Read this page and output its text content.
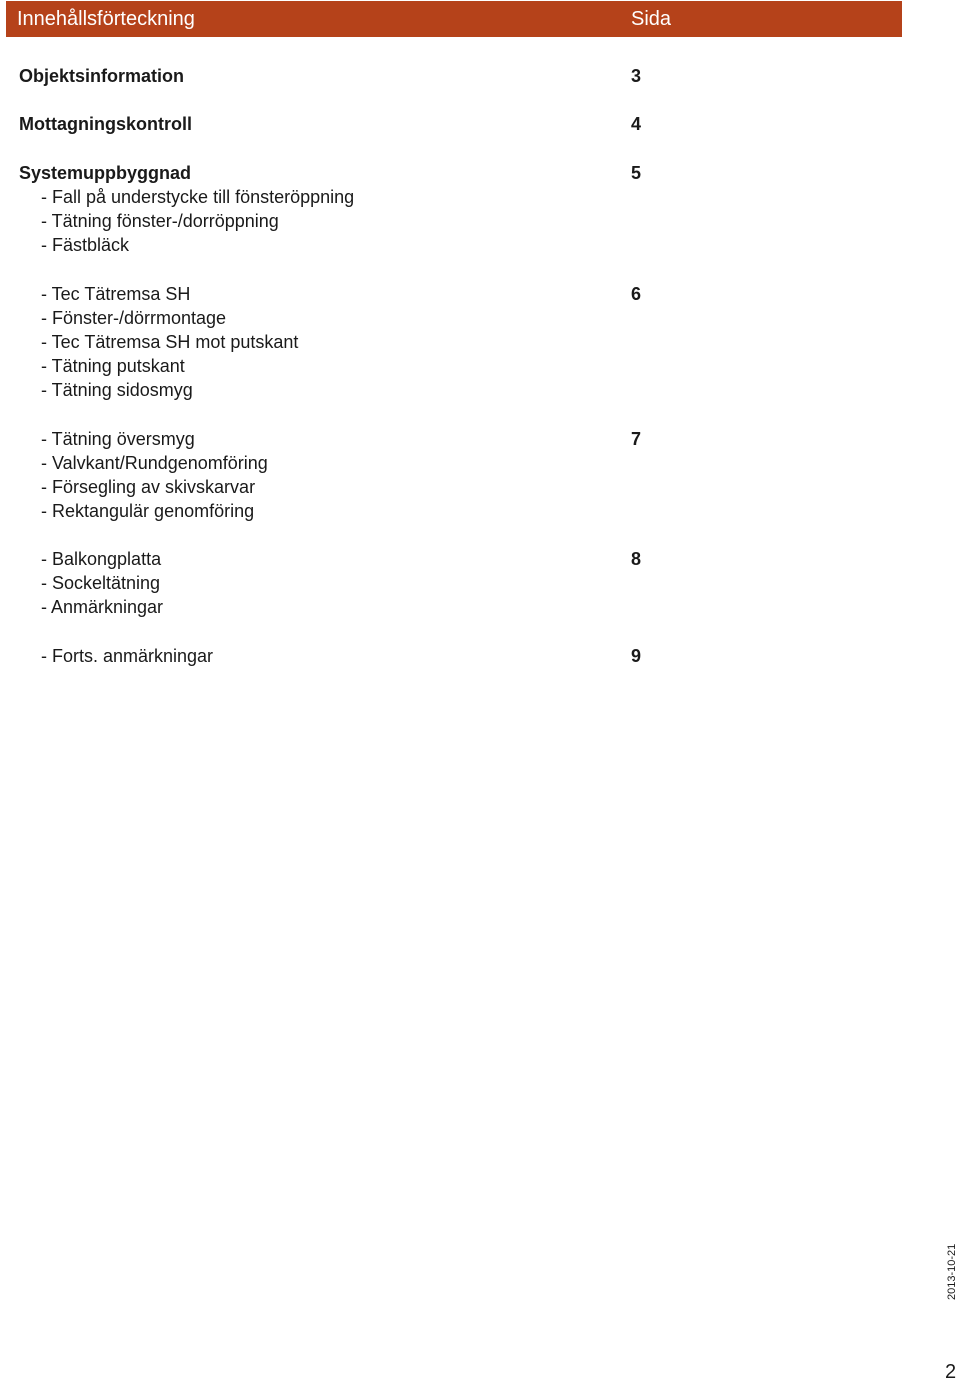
Innehållsförteckning	Sida
Objektsinformation	3
Mottagningskontroll	4
Systemuppbyggnad	5
- Fall på understycke till fönsteröppning
- Tätning fönster-/dorröppning
- Fästbläck
- Tec Tätremsa SH	6
- Fönster-/dörrmontage
- Tec Tätremsa SH mot putskant
- Tätning putskant
- Tätning sidosmyg
- Tätning översmyg	7
- Valvkant/Rundgenomföring
- Försegling av skivskarvar
- Rektangulär genomföring
- Balkongplatta	8
- Sockeltätning
- Anmärkningar
- Forts. anmärkningar	9
2013-10-21
2
